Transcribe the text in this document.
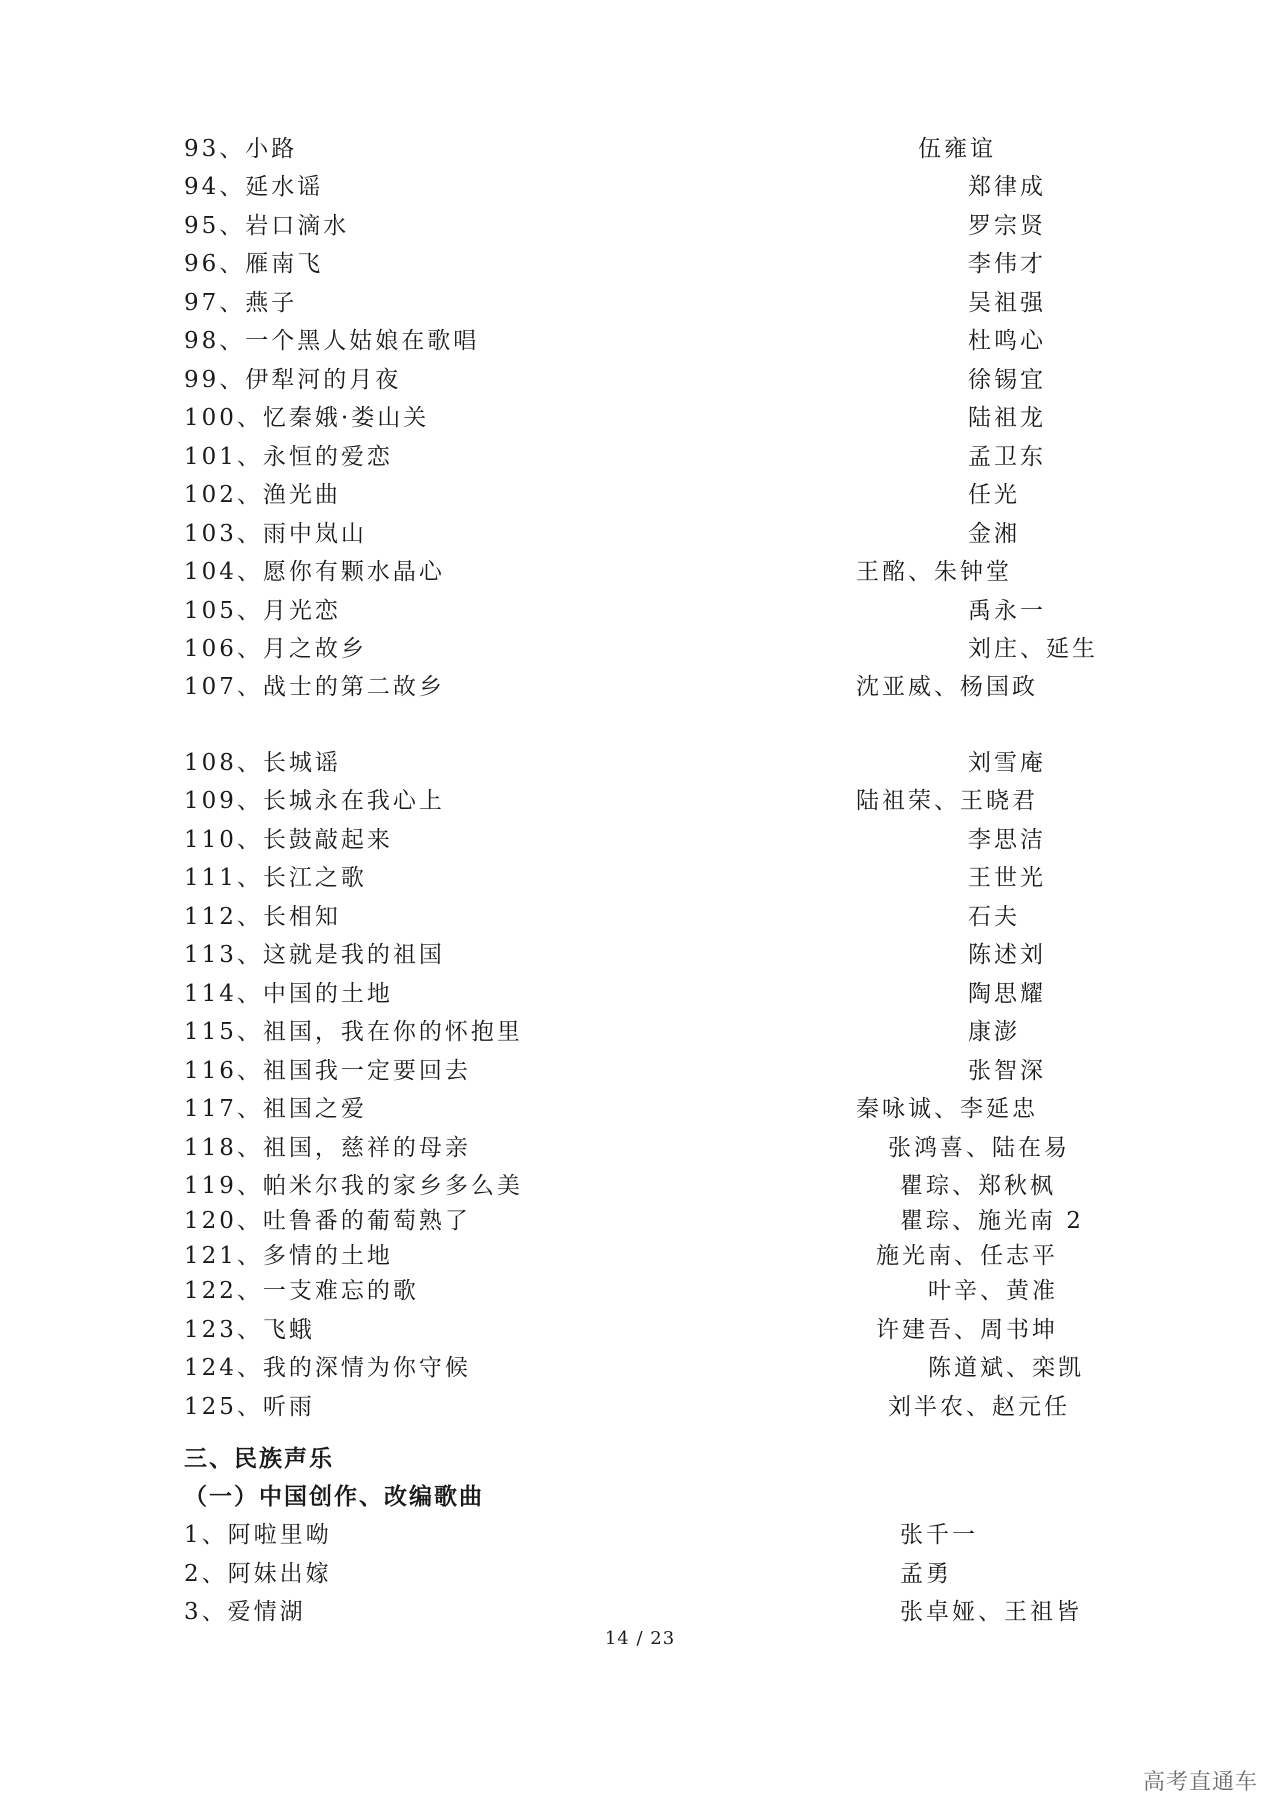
93、小路	伍雍谊
94、延水谣	郑律成
95、岩口滴水	罗宗贤
96、雁南飞	李伟才
97、燕子	吴祖强
98、一个黑人姑娘在歌唱	杜鸣心
99、伊犁河的月夜	徐锡宜
100、忆秦娥·娄山关	陆祖龙
101、永恒的爱恋	孟卫东
102、渔光曲	任光
103、雨中岚山	金湘
104、愿你有颗水晶心	王酩、朱钟堂
105、月光恋	禹永一
106、月之故乡	刘庄、延生
107、战士的第二故乡	沈亚威、杨国政
108、长城谣	刘雪庵
109、长城永在我心上	陆祖荣、王晓君
110、长鼓敲起来	李思洁
111、长江之歌	王世光
112、长相知	石夫
113、这就是我的祖国	陈述刘
114、中国的土地	陶思耀
115、祖国，我在你的怀抱里	康澎
116、祖国我一定要回去	张智深
117、祖国之爱	秦咏诚、李延忠
118、祖国，慈祥的母亲	张鸿喜、陆在易
119、帕米尔我的家乡多么美	瞿琮、郑秋枫
120、吐鲁番的葡萄熟了	瞿琮、施光南 2
121、多情的土地	施光南、任志平
122、一支难忘的歌	叶辛、黄准
123、飞蛾	许建吾、周书坤
124、我的深情为你守候	陈道斌、栾凯
125、听雨	刘半农、赵元任
三、民族声乐
（一）中国创作、改编歌曲
1、阿啦里呦	张千一
2、阿妹出嫁	孟勇
3、爱情湖	张卓娅、王祖皆
14 / 23
高考直通车
